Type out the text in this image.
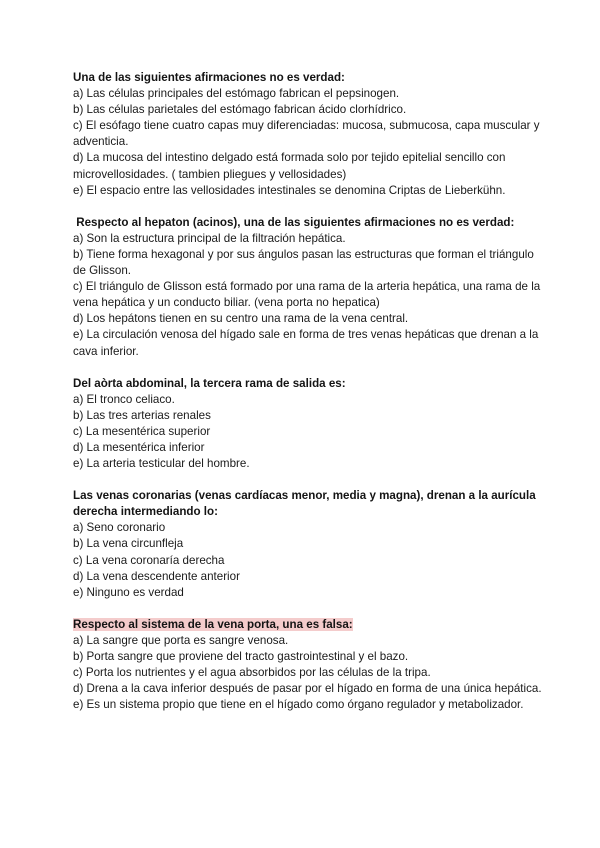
Una de las siguientes afirmaciones no es verdad:
a) Las células principales del estómago fabrican el pepsinogen.
b) Las células parietales del estómago fabrican ácido clorhídrico.
c) El esófago tiene cuatro capas muy diferenciadas: mucosa, submucosa, capa muscular y adventicia.
d) La mucosa del intestino delgado está formada solo por tejido epitelial sencillo con microvellosidades. ( tambien pliegues y vellosidades)
e) El espacio entre las vellosidades intestinales se denomina Criptas de Lieberkühn.
Respecto al hepaton (acinos), una de las siguientes afirmaciones no es verdad:
a) Son la estructura principal de la filtración hepática.
b) Tiene forma hexagonal y por sus ángulos pasan las estructuras que forman el triángulo de Glisson.
c) El triángulo de Glisson está formado por una rama de la arteria hepática, una rama de la vena hepática y un conducto biliar. (vena porta no hepatica)
d) Los hepátons tienen en su centro una rama de la vena central.
e) La circulación venosa del hígado sale en forma de tres venas hepáticas que drenan a la cava inferior.
Del aòrta abdominal, la tercera rama de salida es:
a) El tronco celiaco.
b) Las tres arterias renales
c) La mesentérica superior
d) La mesentérica inferior
e) La arteria testicular del hombre.
Las venas coronarias (venas cardíacas menor, media y magna), drenan a la aurícula derecha intermediando lo:
a) Seno coronario
b) La vena circunfleja
c) La vena coronaría derecha
d) La vena descendente anterior
e) Ninguno es verdad
Respecto al sistema de la vena porta, una es falsa:
a) La sangre que porta es sangre venosa.
b) Porta sangre que proviene del tracto gastrointestinal y el bazo.
c) Porta los nutrientes y el agua absorbidos por las células de la tripa.
d) Drena a la cava inferior después de pasar por el hígado en forma de una única hepática.
e) Es un sistema propio que tiene en el hígado como órgano regulador y metabolizador.
